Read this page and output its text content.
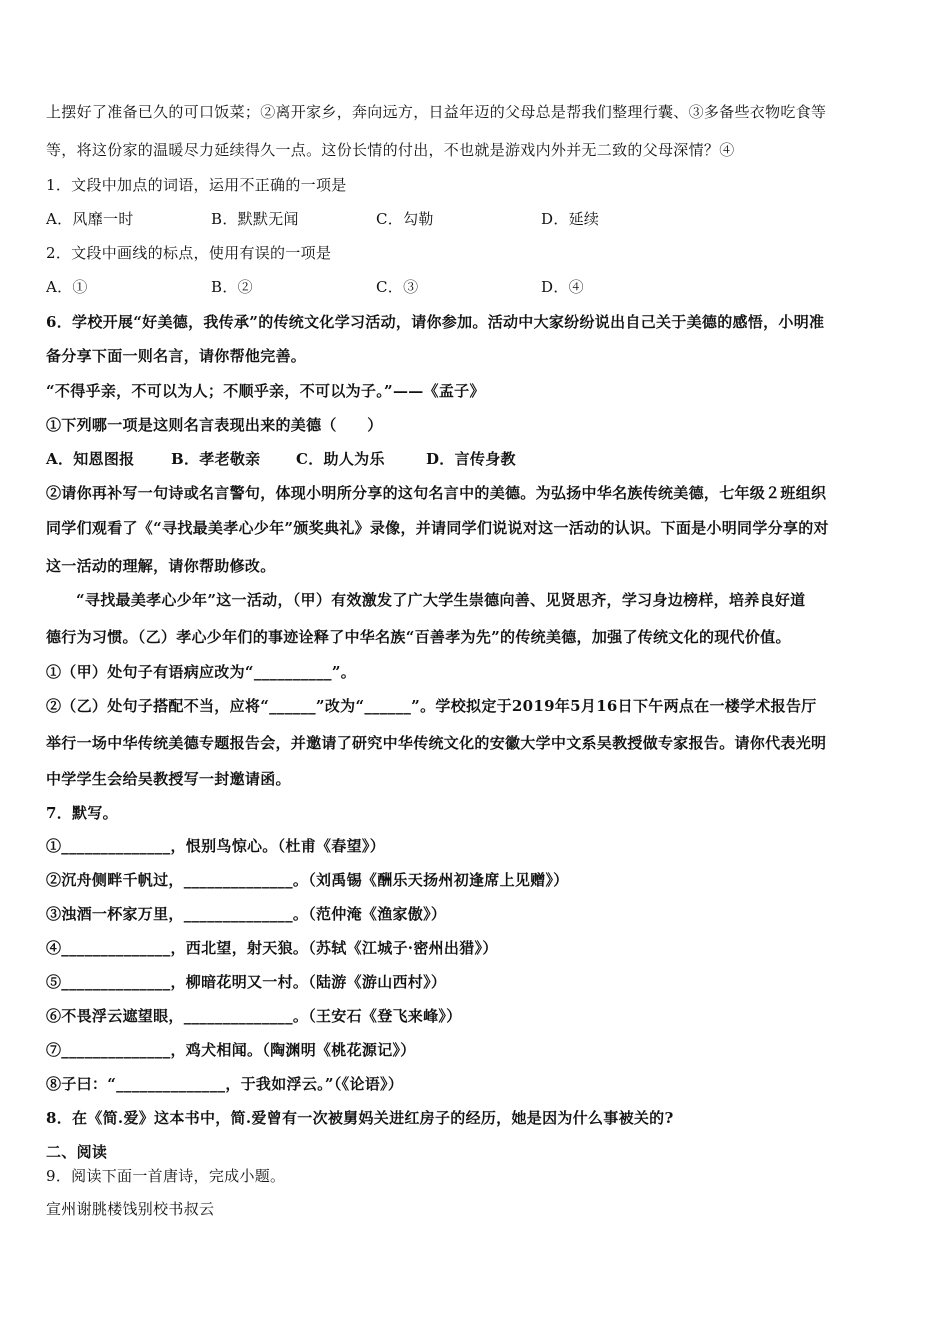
上摆好了准备已久的可口饭菜；②离开家乡，奔向远方，日益年迈的父母总是帮我们整理行囊、③多备些衣物吃食等
等，将这份家的温暖尽力延续得久一点。这份长情的付出，不也就是游戏内外并无二致的父母深情？④
1．文段中加点的词语，运用不正确的一项是
A．风靡一时	B．默默无闻	C．勾勒	D．延续
2．文段中画线的标点，使用有误的一项是
A．①	B．②	C．③	D．④
6．学校开展“好美德，我传承”的传统文化学习活动，请你参加。活动中大家纷纷说出自己关于美德的感悟，小明准
备分享下面一则名言，请你帮他完善。
“不得乎亲，不可以为人；不顺乎亲，不可以为子。”——《孟子》
①下列哪一项是这则名言表现出来的美德（　　）
A．知恩图报	B．孝老敬亲	C．助人为乐	D．言传身教
②请你再补写一句诗或名言警句，体现小明所分享的这句名言中的美德。为弘扬中华名族传统美德，七年级２班组织
同学们观看了《“寻找最美孝心少年”颁奖典礼》录像，并请同学们说说对这一活动的认识。下面是小明同学分享的对
这一活动的理解，请你帮助修改。
“寻找最美孝心少年”这一活动，（甲）有效激发了广大学生崇德向善、见贤思齐，学习身边榜样，培养良好道
德行为习惯。（乙）孝心少年们的事迹诠释了中华名族“百善孝为先”的传统美德，加强了传统文化的现代价值。
①（甲）处句子有语病应改为“__________”。
②（乙）处句子搭配不当，应将“______”改为“______”。学校拟定于2019年5月16日下午两点在一楼学术报告厅
举行一场中华传统美德专题报告会，并邀请了研究中华传统文化的安徽大学中文系吴教授做专家报告。请你代表光明
中学学生会给吴教授写一封邀请函。
7．默写。
①______________，恨别鸟惊心。（杜甫《春望》）
②沉舟侧畔千帆过，______________。（刘禹锡《酬乐天扬州初逢席上见赠》）
③浊酒一杯家万里，______________。（范仲淹《渔家傲》）
④______________，西北望，射天狼。（苏轼《江城子·密州出猎》）
⑤______________，柳暗花明又一村。（陆游《游山西村》）
⑥不畏浮云遮望眼，______________。（王安石《登飞来峰》）
⑦______________，鸡犬相闻。（陶渊明《桃花源记》）
⑧子曰：“______________，于我如浮云。”（《论语》）
8．在《简.爱》这本书中，简.爱曾有一次被舅妈关进红房子的经历，她是因为什么事被关的?
二、阅读
9．阅读下面一首唐诗，完成小题。
宣州谢朓楼饯别校书叔云
